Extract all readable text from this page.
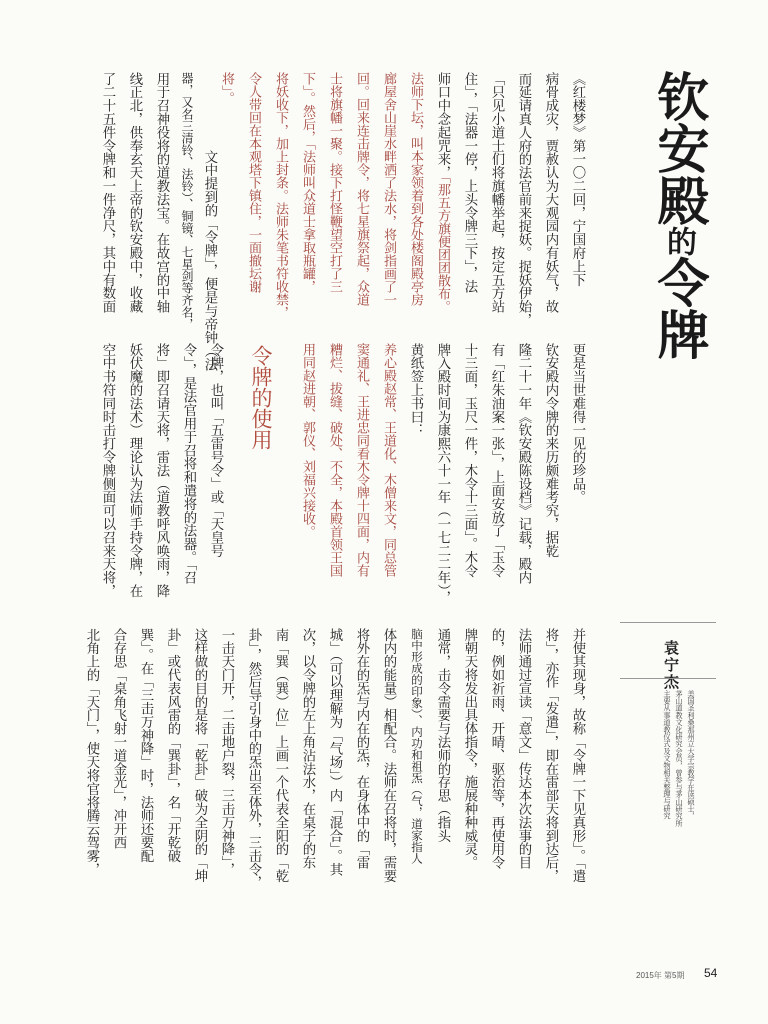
钦安殿的令牌
更是当世难得一见的珍品。
钦安殿内令牌的来历颇难考究，据乾
隆二十一年《钦安殿陈设档》记载，殿内
有「红朱油案一张」，上面安放了「玉令
十三面，玉尺一件，木令十三面」。木令
牌入殿时间为康熙六十一年（一七二二年），
黄纸签上书曰：
养心殿赵常、王道化、木僧来文，同总管
窦通礼、王进忠同看木令牌十四面，内有
糟烂、拔缝、破处、不全，本殿首领王国
用同赵进朝、郭仪、刘福兴接收。
令牌的使用
令牌，也叫「五雷号令」或「天皇号
令」，是法官用于召将和遣将的法器。「召
将」即召请天将，雷法（道教呼风唤雨，降
妖伏魔的法术）理论认为法师手持令牌，在
空中书符同时击打令牌侧面可以召来天将，
《红楼梦》第一〇二回，宁国府上下
病骨成灾，贾赦认为大观园内有妖气，故
而延请真人府的法官前来捉妖。捉妖伊始，
「只见小道士们将旗幡举起，按定五方站
住」，「法器一停，上头令牌三下」，法
师口中念起咒来，
「那五方旗便团团散布。
法师下坛，叫本家领着到各处楼阁殿亭房
廊屋舍山崖水畔洒了法水，将剑指画了一
回。回来连击牌令，将七星旗祭起，众道
士将旗幡一聚。接下打怪鞭望空打了三
下」。然后，「法师叫众道士拿取瓶罐，
将妖收下，加上封条。法师朱笔书符收禁，
令人带回在本观塔下镇住，一面撤坛谢
将」。
文中提到的「令牌」，便是与帝钟（法
器，又名三清铃、法铃）、铜镜、七星剑等齐名，
用于召神役将的道教法宝。在故宫的中轴
线正北，供奉玄天上帝的钦安殿中，收藏
了二十五件令牌和一件净尺，其中有数面
并使其现身，故称「令牌一下见真形」。「遣
将」，亦作「发遣」，即在雷部天将到达后，
法师通过宣读「意文」传达本次法事的目
的，例如祈雨、开晴、驱治等，再使用令
牌朝天将发出具体指令，施展种种威灵。
通常，击令需要与法师的存思（指头
脑中形成的印象）、内功和祖炁（气，道家指人
体内的能量）相配合。法师在召将时，需要
将外在的炁与内在的炁，在身体中的「雷
城」（可以理解为「气场」）内「混合」。其
次，以令牌的左上角沾法水，在桌子的东
南「巽（巽）位」上画一个代表全阳的「乾
卦」，然后导引身中的炁出至体外，三击令，
一击天门开，二击地户裂，三击万神降」，
这样做的目的是将「乾卦」破为全阴的「坤
卦」或代表风雷的「巽卦」，名「开乾破
巽」。在「三击万神降」时，法师还要配
合存思「桌角飞射一道金光」，冲开西
北角上的「天门」，使天将官将腾云驾雾，	袁宁杰
美国圣利桑那州立大学宗教学在读硕士，
茅山道教文化研究会员，曾参与茅山研究所
主要从事道教仪式及文物相关整理与研究
2015年 第5期 54
